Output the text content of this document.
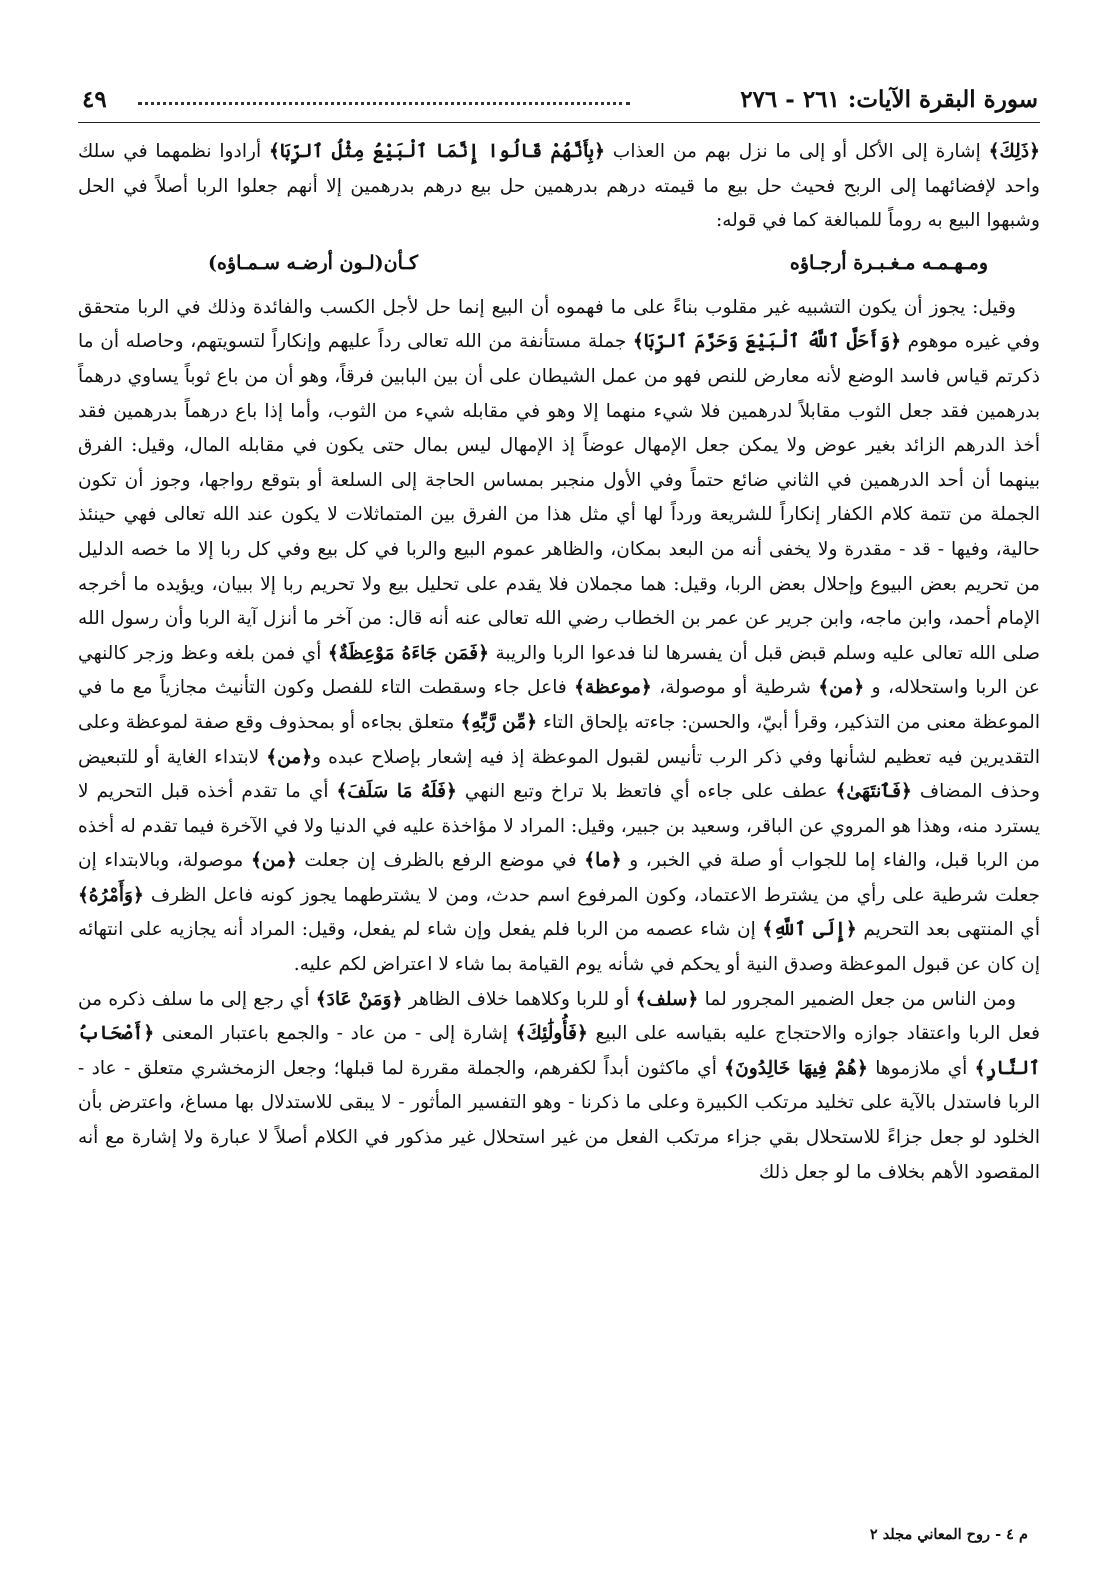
سورة البقرة الآيات: ٢٦١ - ٢٧٦
٤٩

﴿ذَلِكَ﴾ إشارة إلى الأكل أو إلى ما نزل بهم من العذاب ﴿بِأَنَّهُمْ قَالُوا إِنَّمَا ٱلْبَيْعُ مِثْلُ ٱلرِّبَا﴾ أرادوا نظمهما في سلك واحد لإفضائهما إلى الربح فحيث حل بيع ما قيمته درهم بدرهمين حل بيع درهم بدرهمين إلا أنهم جعلوا الربا أصلاً في الحل وشبهوا البيع به روماً للمبالغة كما في قوله:

ومـهـمـه مـغـبـرة أرجـاؤه
كـأن(لـون أرضـه سـمـاؤه)

وقيل: يجوز أن يكون التشبيه غير مقلوب بناءً على ما فهموه أن البيع إنما حل لأجل الكسب والفائدة وذلك في الربا متحقق وفي غيره موهوم ﴿وَأَحَلَّ ٱللَّهُ ٱلْبَيْعَ وَحَرَّمَ ٱلرِّبَا﴾ جملة مستأنفة من الله تعالى رداً عليهم وإنكاراً لتسويتهم، وحاصله أن ما ذكرتم قياس فاسد الوضع لأنه معارض للنص فهو من عمل الشيطان على أن بين البابين فرقاً، وهو أن من باع ثوباً يساوي درهماً بدرهمين فقد جعل الثوب مقابلاً لدرهمين فلا شيء منهما إلا وهو في مقابله شيء من الثوب، وأما إذا باع درهماً بدرهمين فقد أخذ الدرهم الزائد بغير عوض ولا يمكن جعل الإمهال عوضاً إذ الإمهال ليس بمال حتى يكون في مقابله المال، وقيل: الفرق بينهما أن أحد الدرهمين في الثاني ضائع حتماً وفي الأول منجبر بمساس الحاجة إلى السلعة أو بتوقع رواجها، وجوز أن تكون الجملة من تتمة كلام الكفار إنكاراً للشريعة ورداً لها أي مثل هذا من الفرق بين المتماثلات لا يكون عند الله تعالى فهي حينئذ حالية، وفيها - قد - مقدرة ولا يخفى أنه من البعد بمكان، والظاهر عموم البيع والربا في كل بيع وفي كل ربا إلا ما خصه الدليل من تحريم بعض البيوع وإحلال بعض الربا، وقيل: هما مجملان فلا يقدم على تحليل بيع ولا تحريم ربا إلا ببيان، ويؤيده ما أخرجه الإمام أحمد، وابن ماجه، وابن جرير عن عمر بن الخطاب رضي الله تعالى عنه أنه قال: من آخر ما أنزل آية الربا وأن رسول الله صلى الله تعالى عليه وسلم قبض قبل أن يفسرها لنا فدعوا الربا والريبة ﴿فَمَن جَاءَهُ مَوْعِظَةٌ﴾ أي فمن بلغه وعظ وزجر كالنهي عن الربا واستحلاله، و ﴿من﴾ شرطية أو موصولة، ﴿موعظة﴾ فاعل جاء وسقطت التاء للفصل وكون التأنيث مجازياً مع ما في الموعظة معنى من التذكير، وقرأ أبيّ، والحسن: جاءته بإلحاق التاء ﴿مِّن رَّبِّهِ﴾ متعلق بجاءه أو بمحذوف وقع صفة لموعظة وعلى التقديرين فيه تعظيم لشأنها وفي ذكر الرب تأنيس لقبول الموعظة إذ فيه إشعار بإصلاح عبده و﴿من﴾ لابتداء الغاية أو للتبعيض وحذف المضاف ﴿فَٱنتَهَىٰ﴾ عطف على جاءه أي فاتعظ بلا تراخ وتبع النهي ﴿فَلَهُ مَا سَلَفَ﴾ أي ما تقدم أخذه قبل التحريم لا يسترد منه، وهذا هو المروي عن الباقر، وسعيد بن جبير، وقيل: المراد لا مؤاخذة عليه في الدنيا ولا في الآخرة فيما تقدم له أخذه من الربا قبل، والفاء إما للجواب أو صلة في الخبر، و ﴿ما﴾ في موضع الرفع بالظرف إن جعلت ﴿من﴾ موصولة، وبالابتداء إن جعلت شرطية على رأي من يشترط الاعتماد، وكون المرفوع اسم حدث، ومن لا يشترطهما يجوز كونه فاعل الظرف ﴿وَأَمْرُهُ﴾ أي المنتهى بعد التحريم ﴿إِلَى ٱللَّهِ﴾ إن شاء عصمه من الربا فلم يفعل وإن شاء لم يفعل، وقيل: المراد أنه يجازيه على انتهائه إن كان عن قبول الموعظة وصدق النية أو يحكم في شأنه يوم القيامة بما شاء لا اعتراض لكم عليه.

ومن الناس من جعل الضمير المجرور لما ﴿سلف﴾ أو للربا وكلاهما خلاف الظاهر ﴿وَمَنْ عَادَ﴾ أي رجع إلى ما سلف ذكره من فعل الربا واعتقاد جوازه والاحتجاج عليه بقياسه على البيع ﴿فَأُولَٰئِكَ﴾ إشارة إلى - من عاد - والجمع باعتبار المعنى ﴿أَصْحَابُ ٱلنَّارِ﴾ أي ملازموها ﴿هُمْ فِيهَا خَالِدُونَ﴾ أي ماكثون أبداً لكفرهم، والجملة مقررة لما قبلها؛ وجعل الزمخشري متعلق - عاد - الربا فاستدل بالآية على تخليد مرتكب الكبيرة وعلى ما ذكرنا - وهو التفسير المأثور - لا يبقى للاستدلال بها مساغ، واعترض بأن الخلود لو جعل جزاءً للاستحلال بقي جزاء مرتكب الفعل من غير استحلال غير مذكور في الكلام أصلاً لا عبارة ولا إشارة مع أنه المقصود الأهم بخلاف ما لو جعل ذلك

م ٤ - روح المعاني مجلد ٢
